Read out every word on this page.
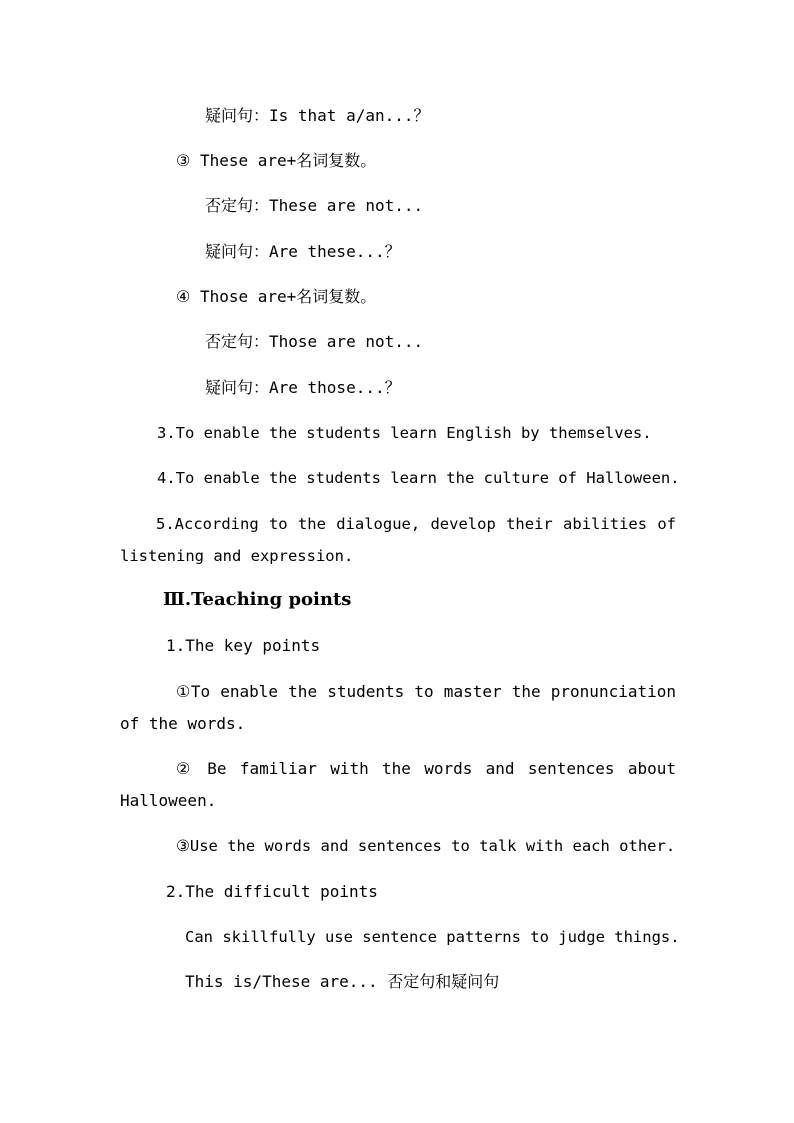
疑问句：Is that a/an...？
③ These are+名词复数。
否定句：These are not...
疑问句：Are these...？
④ Those are+名词复数。
否定句：Those are not...
疑问句：Are those...？
3.To enable the students learn English by themselves.
4.To enable the students learn the culture of Halloween.
5.According to the dialogue, develop their abilities of listening and expression.
Ⅲ.Teaching points
1.The key points
①To enable the students to master the pronunciation of the words.
② Be familiar with the words and sentences about Halloween.
③Use the words and sentences to talk with each other.
2.The difficult points
Can skillfully use sentence patterns to judge things.
This is/These are... 否定句和疑问句
